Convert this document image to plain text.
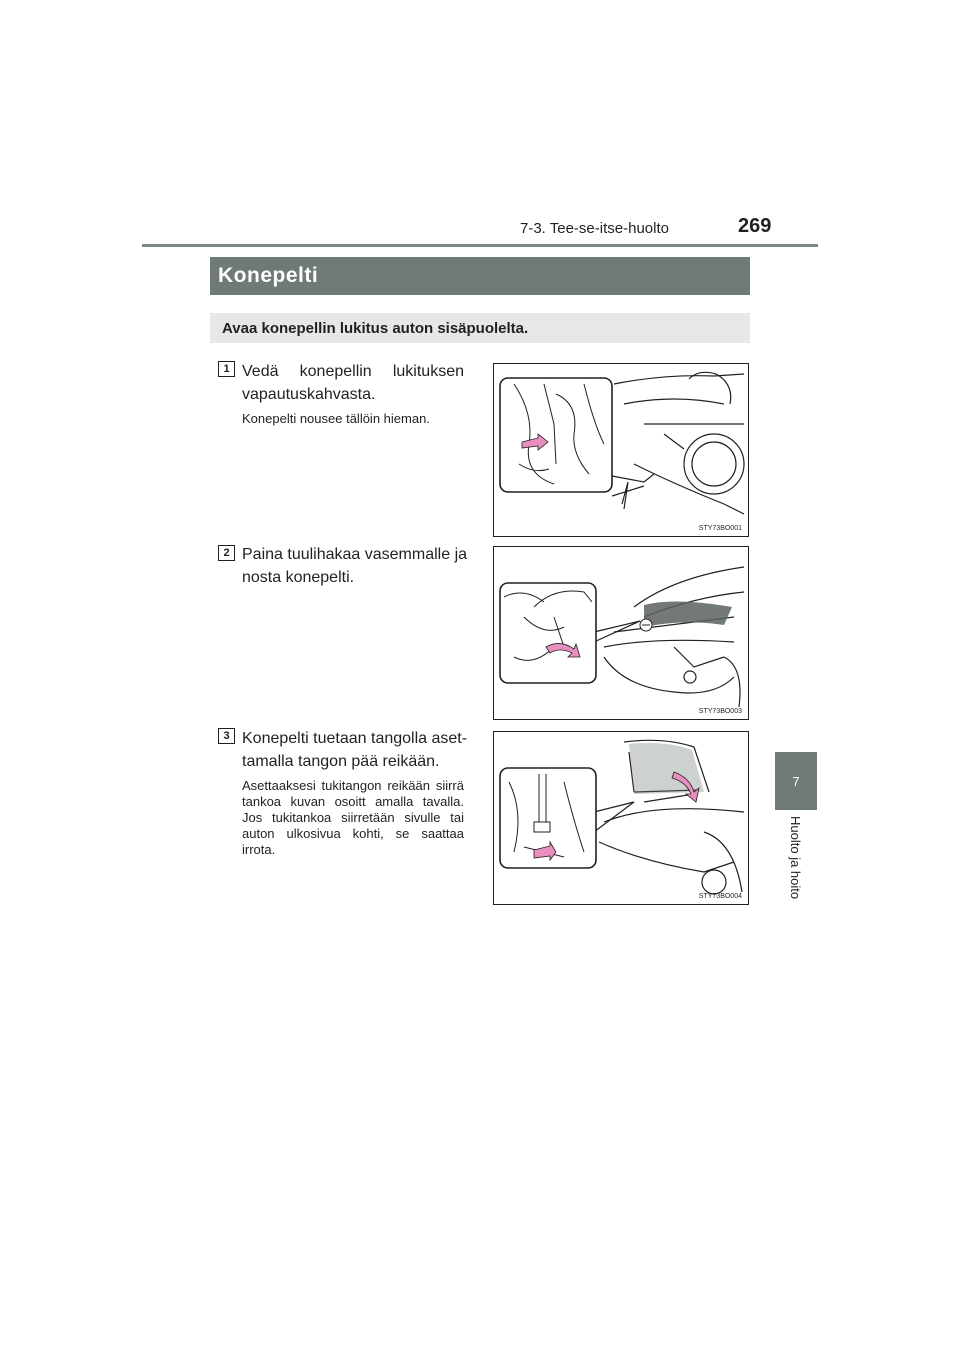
7-3. Tee-se-itse-huolto	269
7
Huolto ja hoito
Konepelti
Avaa konepellin lukitus auton sisäpuolelta.
1 Vedä konepellin lukituksen vapautuskahvasta.
Konepelti nousee tällöin hieman.
STY73BO001
2 Paina tuulihakaa vasemmalle ja nosta konepelti.
STY73BO003
3 Konepelti tuetaan tangolla aset-tamalla tangon pää reikään.
Asettaaksesi tukitangon reikään siirrä tankoa kuvan osoitt amalla tavalla. Jos tukitankoa siirretään sivulle tai auton ulkosivua kohti, se saattaa irrota.
STY73BO004
